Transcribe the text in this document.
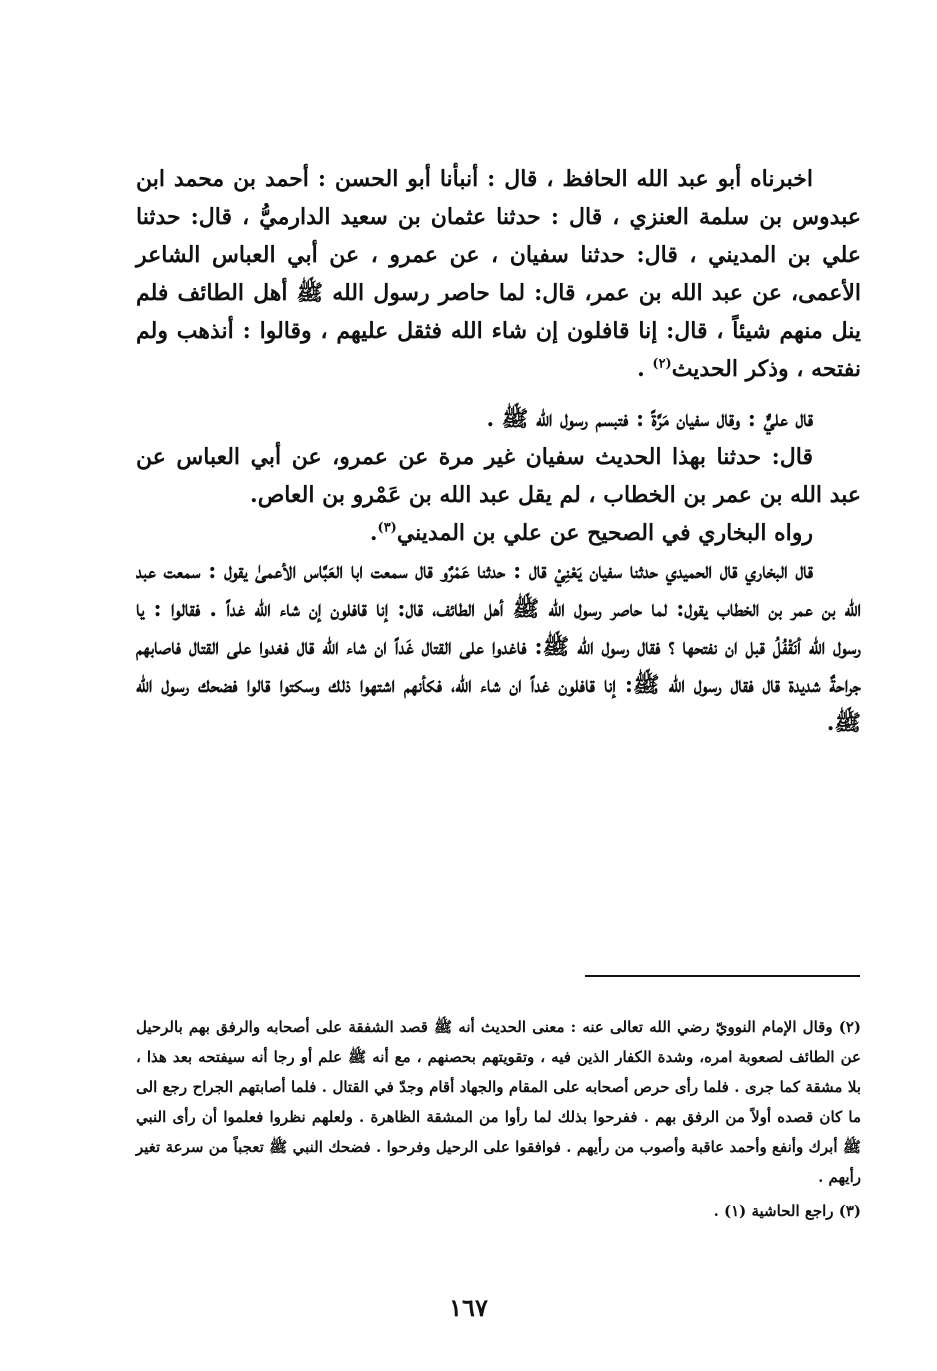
اخبرناه أبو عبد الله الحافظ ، قال : أنبأنا أبو الحسن : أحمد بن محمد ابن عبدوس بن سلمة العنزي ، قال : حدثنا عثمان بن سعيد الدارميُّ ، قال: حدثنا علي بن المديني ، قال: حدثنا سفيان ، عن عمرو ، عن أبي العباس الشاعر الأعمى، عن عبد الله بن عمر، قال: لما حاصر رسول الله ﷺ أهل الطائف فلم ينل منهم شيئاً ، قال: إنا قافلون إن شاء الله فثقل عليهم ، وقالوا : أنذهب ولم نفتحه ، وذكر الحديث$^{(٢)}$ .

قال عليٌّ : وقال سفيان مَرَّةً : فتبسم رسول الله ﷺ .

قال: حدثنا بهذا الحديث سفيان غير مرة عن عمرو، عن أبي العباس عن عبد الله بن عمر بن الخطاب ، لم يقل عبد الله بن عَمْرو بن العاص.

رواه البخاري في الصحيح عن علي بن المديني$^{(٣)}$.

قال البخاري قال الحميدي حدثنا سفيان يَعْنِيْ قال : حدثنا عَمْرٌو قال سمعت ابا العَبَّاس الأعمىٰ يقول : سمعت عبد الله بن عمر بن الخطاب يقول: لما حاصر رسول الله ﷺ أهل الطائف، قال: إنا قافلون إن شاء الله غداً . فقالوا : يا رسول الله أنَقْفُلُ قبل ان نفتحها ؟ فقال رسول الله ﷺ: فاغدوا على القتال غَداً ان شاء الله قال فغدوا على القتال فاصابهم جراحةٌ شديدة قال فقال رسول الله ﷺ: إنا قافلون غداً ان شاء الله، فكأنهم اشتهوا ذلك وسكتوا قالوا فضحك رسول الله ﷺ.

(٢) وقال الإمام النوويّ رضي الله تعالى عنه : معنى الحديث أنه ﷺ قصد الشفقة على أصحابه والرفق بهم بالرحيل عن الطائف لصعوبة امره، وشدة الكفار الذين فيه ، وتقويتهم بحصنهم ، مع أنه ﷺ علم أو رجا أنه سيفتحه بعد هذا ، بلا مشقة كما جرى . فلما رأى حرص أصحابه على المقام والجهاد أقام وجدّ في القتال . فلما أصابتهم الجراح رجع الى ما كان قصده أولاً من الرفق بهم . ففرحوا بذلك لما رأوا من المشقة الظاهرة . ولعلهم نظروا فعلموا أن رأى النبي ﷺ أبرك وأنفع وأحمد عاقبة وأصوب من رأيهم . فوافقوا على الرحيل وفرحوا . فضحك النبي ﷺ تعجباً من سرعة تغير رأيهم .

(٣) راجع الحاشية (١) .

١٦٧
